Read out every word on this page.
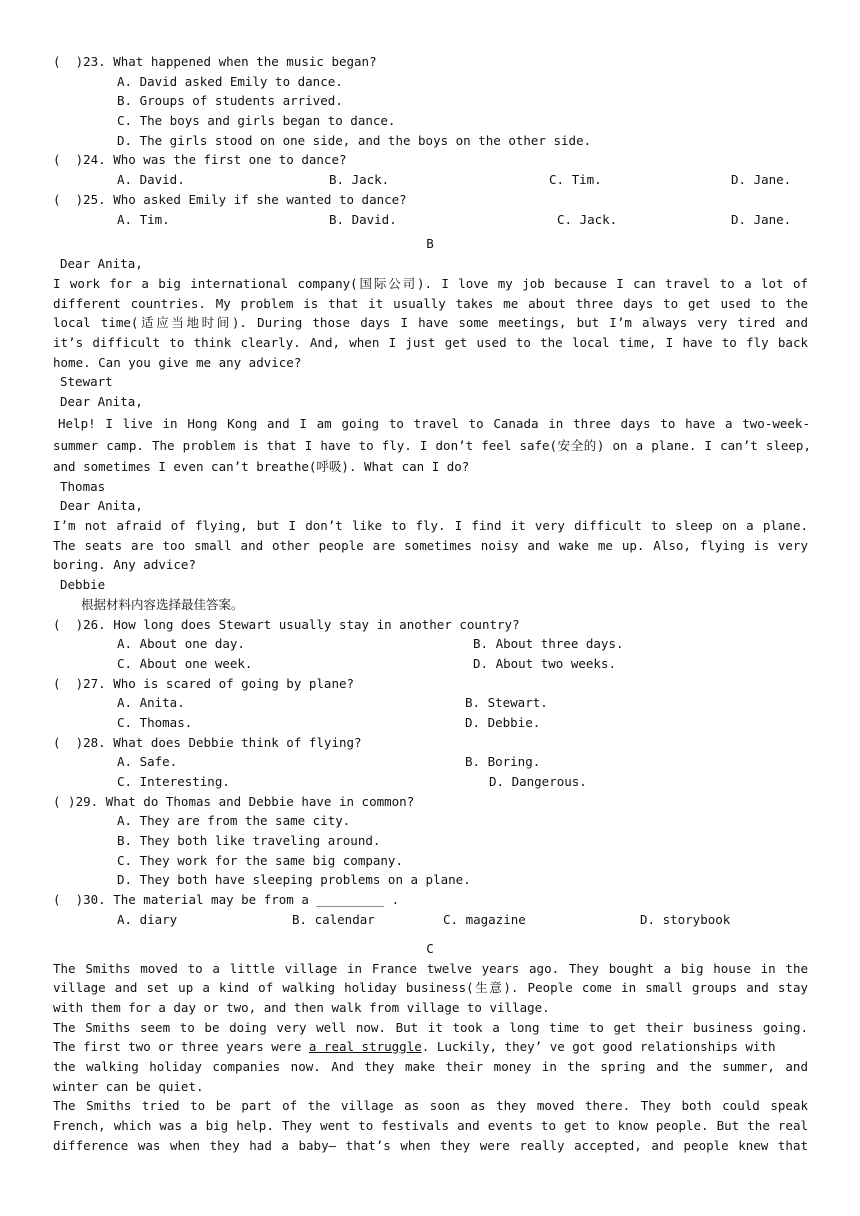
(  )23. What happened when the music began?
A. David asked Emily to dance.
B. Groups of students arrived.
C. The boys and girls began to dance.
D. The girls stood on one side, and the boys on the other side.
(  )24. Who was the first one to dance?
A. David.	B. Jack.	C. Tim.	D. Jane.
(  )25. Who asked Emily if she wanted to dance?
A. Tim.	B. David.	C. Jack.	D. Jane.
B
Dear Anita,
I work for a big international company(国际公司). I love my job because I can travel to a lot of
different countries. My problem is that it usually takes me about three days to get used to the
local time(适应当地时间). During those days I have some meetings, but I’m always very tired and
it’s difficult to think clearly. And, when I just get used to the local time, I have to fly back
home. Can you give me any advice?
Stewart
Dear Anita,
Help! I live in Hong Kong and I am going to travel to Canada in three days to have a two-week-
summer camp. The problem is that I have to fly. I don’t feel safe(安全的) on a plane. I can’t sleep,
and sometimes I even can’t breathe(呼吸). What can I do?
Thomas
Dear Anita,
I’m not afraid of flying, but I don’t like to fly. I find it very difficult to sleep on a plane.
The seats are too small and other people are sometimes noisy and wake me up. Also, flying is very
boring. Any advice?
Debbie
根据材料内容选择最佳答案。
(  )26. How long does Stewart usually stay in another country?
A. About one day.	B. About three days.
C. About one week.	D. About two weeks.
(  )27. Who is scared of going by plane?
A. Anita.	B. Stewart.
C. Thomas.	D. Debbie.
(  )28. What does Debbie think of flying?
A. Safe.	B. Boring.
C. Interesting.	D. Dangerous.
( )29. What do Thomas and Debbie have in common?
A. They are from the same city.
B. They both like traveling around.
C. They work for the same big company.
D. They both have sleeping problems on a plane.
(  )30. The material may be from a _________ .
A. diary	B. calendar	C. magazine	D. storybook
C
The Smiths moved to a little village in France twelve years ago. They bought a big house in the
village and set up a kind of walking holiday business(生意). People come in small groups and stay
with them for a day or two, and then walk from village to village.
The Smiths seem to be doing very well now. But it took a long time to get their business going.
The first two or three years were a real struggle . Luckily, they’ ve got good relationships with
the walking holiday companies now. And they make their money in the spring and the summer, and
winter can be quiet.
The Smiths tried to be part of the village as soon as they moved there. They both could speak
French, which was a big help. They went to festivals and events to get to know people. But the real
difference was when they had a baby— that’s when they were really accepted, and people knew that
